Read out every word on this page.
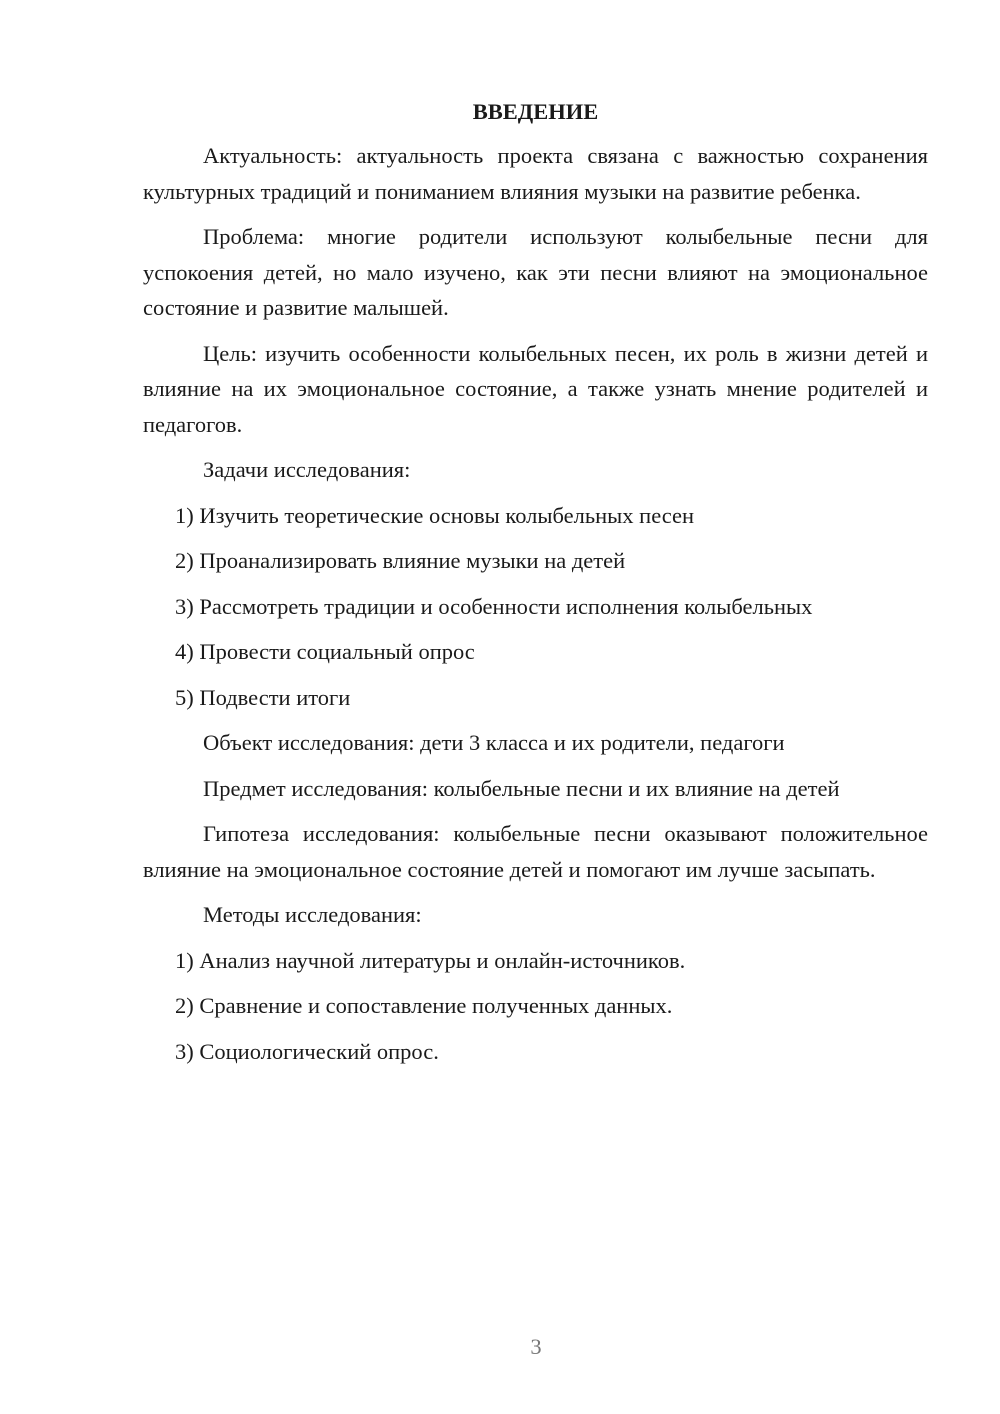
ВВЕДЕНИЕ

Актуальность: актуальность проекта связана с важностью сохранения культурных традиций и пониманием влияния музыки на развитие ребенка.

Проблема: многие родители используют колыбельные песни для успокоения детей, но мало изучено, как эти песни влияют на эмоциональное состояние и развитие малышей.

Цель: изучить особенности колыбельных песен, их роль в жизни детей и влияние на их эмоциональное состояние, а также узнать мнение родителей и педагогов.

Задачи исследования:

1) Изучить теоретические основы колыбельных песен
2) Проанализировать влияние музыки на детей
3) Рассмотреть традиции и особенности исполнения колыбельных
4) Провести социальный опрос
5) Подвести итоги

Объект исследования: дети 3 класса и их родители, педагоги

Предмет исследования: колыбельные песни и их влияние на детей

Гипотеза исследования: колыбельные песни оказывают положительное влияние на эмоциональное состояние детей и помогают им лучше засыпать.

Методы исследования:

1) Анализ научной литературы и онлайн-источников.
2) Сравнение и сопоставление полученных данных.
3) Социологический опрос.
3
